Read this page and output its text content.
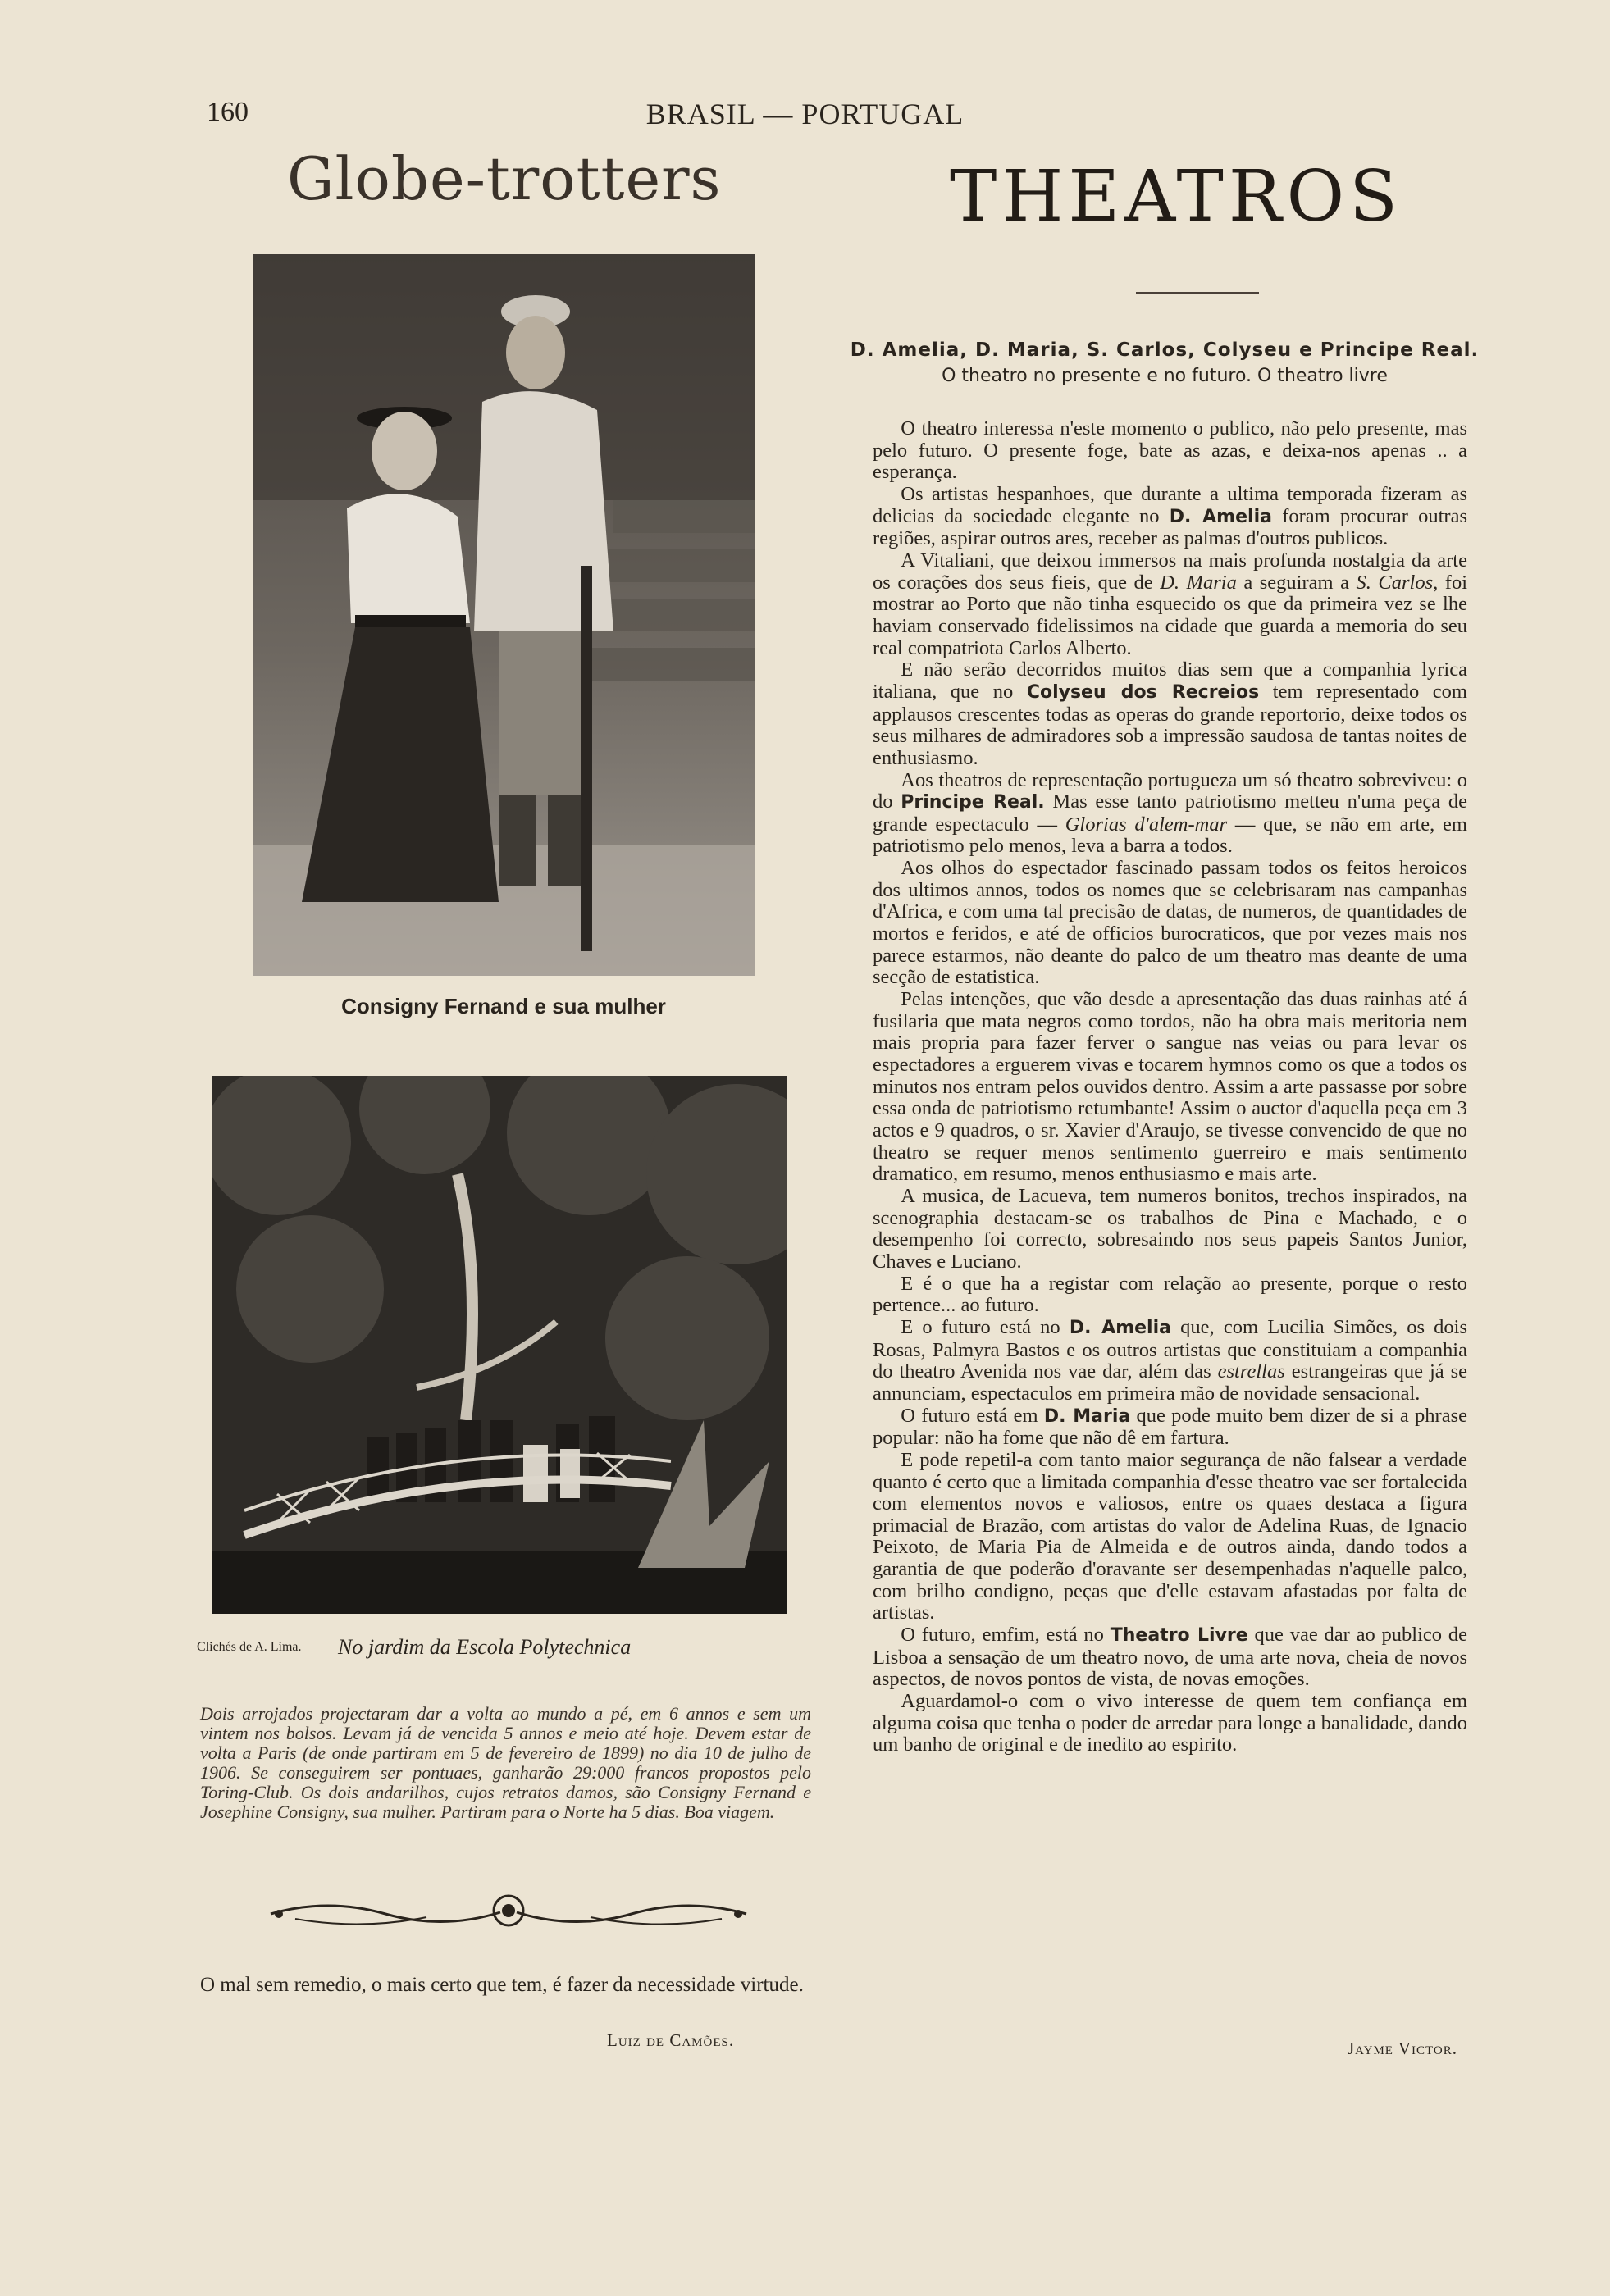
160	BRASIL — PORTUGAL
Globe-trotters	THEATROS
D. Amelia, D. Maria, S. Carlos, Colyseu e Principe Real.
O theatro no presente e no futuro. O theatro livre
Consigny Fernand e sua mulher
Clichés de A. Lima. No jardim da Escola Polytechnica
Dois arrojados projectaram dar a volta ao mundo a pé, em 6 annos e sem um vintem nos bolsos. Levam já de vencida 5 annos e meio até hoje. Devem estar de volta a Paris (de onde partiram em 5 de fevereiro de 1899) no dia 10 de julho de 1906. Se conseguirem ser pontuaes, ganharão 29:000 francos propostos pelo Toring-Club. Os dois andarilhos, cujos retratos damos, são Consigny Fernand e Josephine Consigny, sua mulher. Partiram para o Norte ha 5 dias. Boa viagem.
O mal sem remedio, o mais certo que tem, é fazer da necessidade virtude.
Luiz de Camões.

O theatro interessa n'este momento o publico, não pelo presente, mas pelo futuro. O presente foge, bate as azas, e deixa-nos apenas .. a esperança.

Os artistas hespanhoes, que durante a ultima temporada fizeram as delicias da sociedade elegante no D. Amelia foram procurar outras regiões, aspirar outros ares, receber as palmas d'outros publicos.

A Vitaliani, que deixou immersos na mais profunda nostalgia da arte os corações dos seus fieis, que de D. Maria a seguiram a S. Carlos, foi mostrar ao Porto que não tinha esquecido os que da primeira vez se lhe haviam conservado fidelissimos na cidade que guarda a memoria do seu real compatriota Carlos Alberto.

E não serão decorridos muitos dias sem que a companhia lyrica italiana, que no Colyseu dos Recreios tem representado com applausos crescentes todas as operas do grande reportorio, deixe todos os seus milhares de admiradores sob a impressão saudosa de tantas noites de enthusiasmo.

Aos theatros de representação portugueza um só theatro sobreviveu: o do Principe Real. Mas esse tanto patriotismo metteu n'uma peça de grande espectaculo — Glorias d'alem-mar — que, se não em arte, em patriotismo pelo menos, leva a barra a todos.

Aos olhos do espectador fascinado passam todos os feitos heroicos dos ultimos annos, todos os nomes que se celebrisaram nas campanhas d'Africa, e com uma tal precisão de datas, de numeros, de quantidades de mortos e feridos, e até de officios burocraticos, que por vezes mais nos parece estarmos, não deante do palco de um theatro mas deante de uma secção de estatistica.

Pelas intenções, que vão desde a apresentação das duas rainhas até á fusilaria que mata negros como tordos, não ha obra mais meritoria nem mais propria para fazer ferver o sangue nas veias ou para levar os espectadores a erguerem vivas e tocarem hymnos como os que a todos os minutos nos entram pelos ouvidos dentro. Assim a arte passasse por sobre essa onda de patriotismo retumbante! Assim o auctor d'aquella peça em 3 actos e 9 quadros, o sr. Xavier d'Araujo, se tivesse convencido de que no theatro se requer menos sentimento guerreiro e mais sentimento dramatico, em resumo, menos enthusiasmo e mais arte.

A musica, de Lacueva, tem numeros bonitos, trechos inspirados, na scenographia destacam-se os trabalhos de Pina e Machado, e o desempenho foi correcto, sobresaindo nos seus papeis Santos Junior, Chaves e Luciano.

E é o que ha a registar com relação ao presente, porque o resto pertence... ao futuro.

E o futuro está no D. Amelia que, com Lucilia Simões, os dois Rosas, Palmyra Bastos e os outros artistas que constituiam a companhia do theatro Avenida nos vae dar, além das estrellas estrangeiras que já se annunciam, espectaculos em primeira mão de novidade sensacional.

O futuro está em D. Maria que pode muito bem dizer de si a phrase popular: não ha fome que não dê em fartura.

E pode repetil-a com tanto maior segurança de não falsear a verdade quanto é certo que a limitada companhia d'esse theatro vae ser fortalecida com elementos novos e valiosos, entre os quaes destaca a figura primacial de Brazão, com artistas do valor de Adelina Ruas, de Ignacio Peixoto, de Maria Pia de Almeida e de outros ainda, dando todos a garantia de que poderão d'oravante ser desempenhadas n'aquelle palco, com brilho condigno, peças que d'elle estavam afastadas por falta de artistas.

O futuro, emfim, está no Theatro Livre que vae dar ao publico de Lisboa a sensação de um theatro novo, de uma arte nova, cheia de novos aspectos, de novos pontos de vista, de novas emoções.

Aguardamol-o com o vivo interesse de quem tem confiança em alguma coisa que tenha o poder de arredar para longe a banalidade, dando um banho de original e de inedito ao espirito.

Jayme Victor.
